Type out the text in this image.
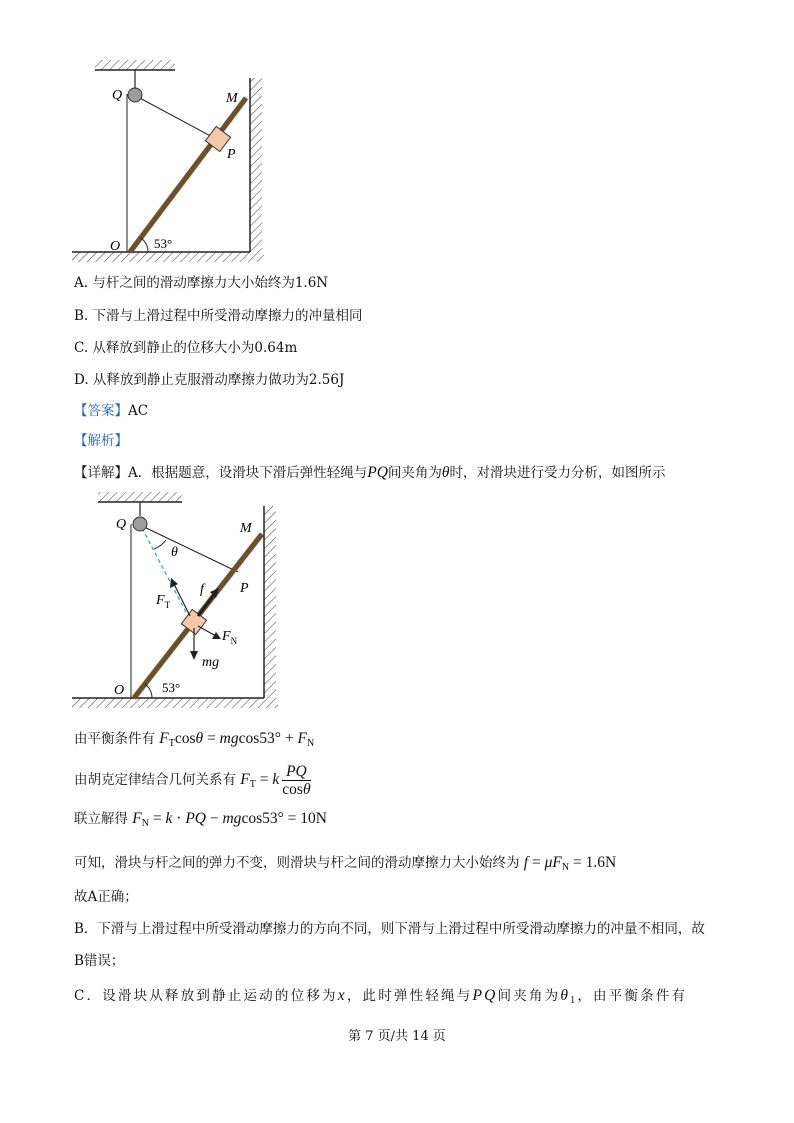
Q	M
P
O	53°
A. 与杆之间的滑动摩擦力大小始终为1.6N
B. 下滑与上滑过程中所受滑动摩擦力的冲量相同
C. 从释放到静止的位移大小为0.64m
D. 从释放到静止克服滑动摩擦力做功为2.56J
【答案】AC
【解析】
【详解】A．根据题意，设滑块下滑后弹性轻绳与PQ间夹角为θ时，对滑块进行受力分析，如图所示
Q	M
P
O
θ
f
$F_T$
$F_N$
mg
53°
由平衡条件有 $F_T\cos\theta = mgcos53^\circ + F_N$
由胡克定律结合几何关系有 $F_T = k \frac{PQ}{\cos\theta}$
联立解得 $F_N = k$ · PQ − mgcos53° = 10N
可知，滑块与杆之间的弹力不变，则滑块与杆之间的滑动摩擦力大小始终为 $f = \mu F_N = 1.6N$
故A正确；
B．下滑与上滑过程中所受滑动摩擦力的方向不同，则下滑与上滑过程中所受滑动摩擦力的冲量不相同，故
B错误；
C．设滑块从释放到静止运动的位移为x，此时弹性轻绳与PQ间夹角为$\theta_1$，由平衡条件有
第 7 页/共 14 页
